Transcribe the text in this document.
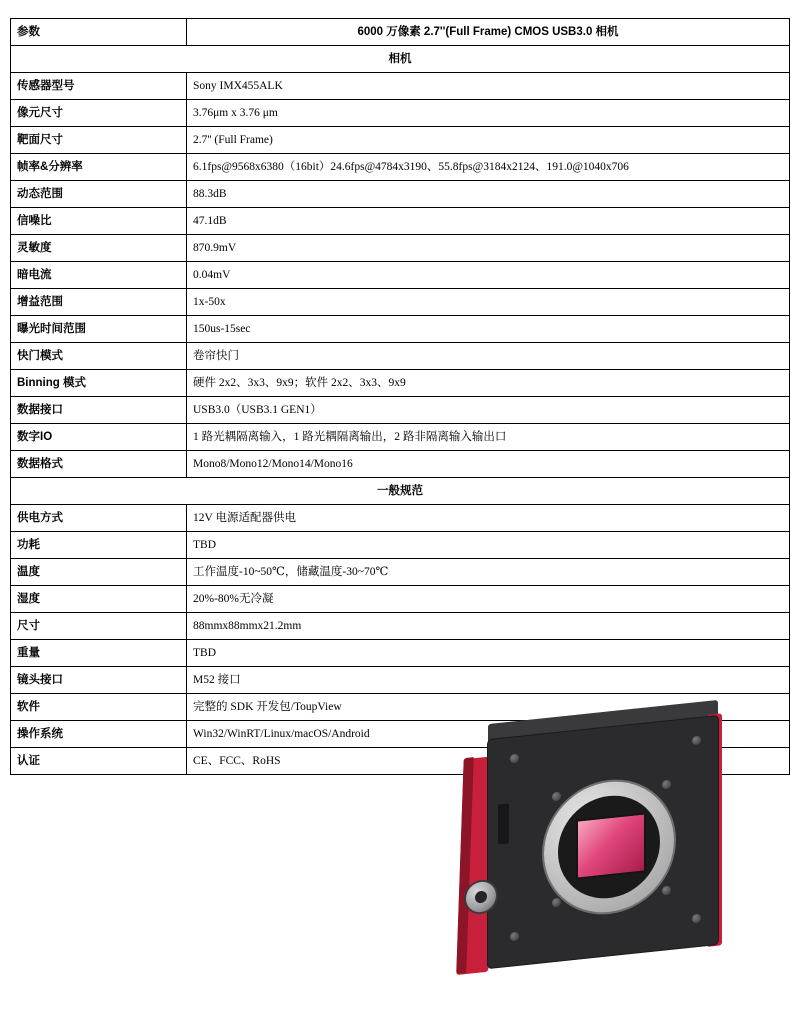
参数	6000 万像素 2.7''(Full Frame) CMOS USB3.0 相机
相机	
传感器型号	Sony IMX455ALK
像元尺寸	3.76μm x 3.76 μm
靶面尺寸	2.7'' (Full Frame)
帧率&分辨率	6.1fps@9568x6380（16bit）24.6fps@4784x3190、55.8fps@3184x2124、191.0@1040x706
动态范围	88.3dB
信噪比	47.1dB
灵敏度	870.9mV
暗电流	0.04mV
增益范围	1x-50x
曝光时间范围	150us-15sec
快门模式	卷帘快门
Binning 模式	硬件 2x2、3x3、9x9；软件 2x2、3x3、9x9
数据接口	USB3.0（USB3.1 GEN1）
数字IO	1 路光耦隔离输入，1 路光耦隔离输出，2 路非隔离输入输出口
数据格式	Mono8/Mono12/Mono14/Mono16
一般规范	
供电方式	12V 电源适配器供电
功耗	TBD
温度	工作温度-10~50℃，储藏温度-30~70℃
湿度	20%-80%无冷凝
尺寸	88mmx88mmx21.2mm
重量	TBD
镜头接口	M52 接口
软件	完整的 SDK 开发包/ToupView
操作系统	Win32/WinRT/Linux/macOS/Android
认证	CE、FCC、RoHS
